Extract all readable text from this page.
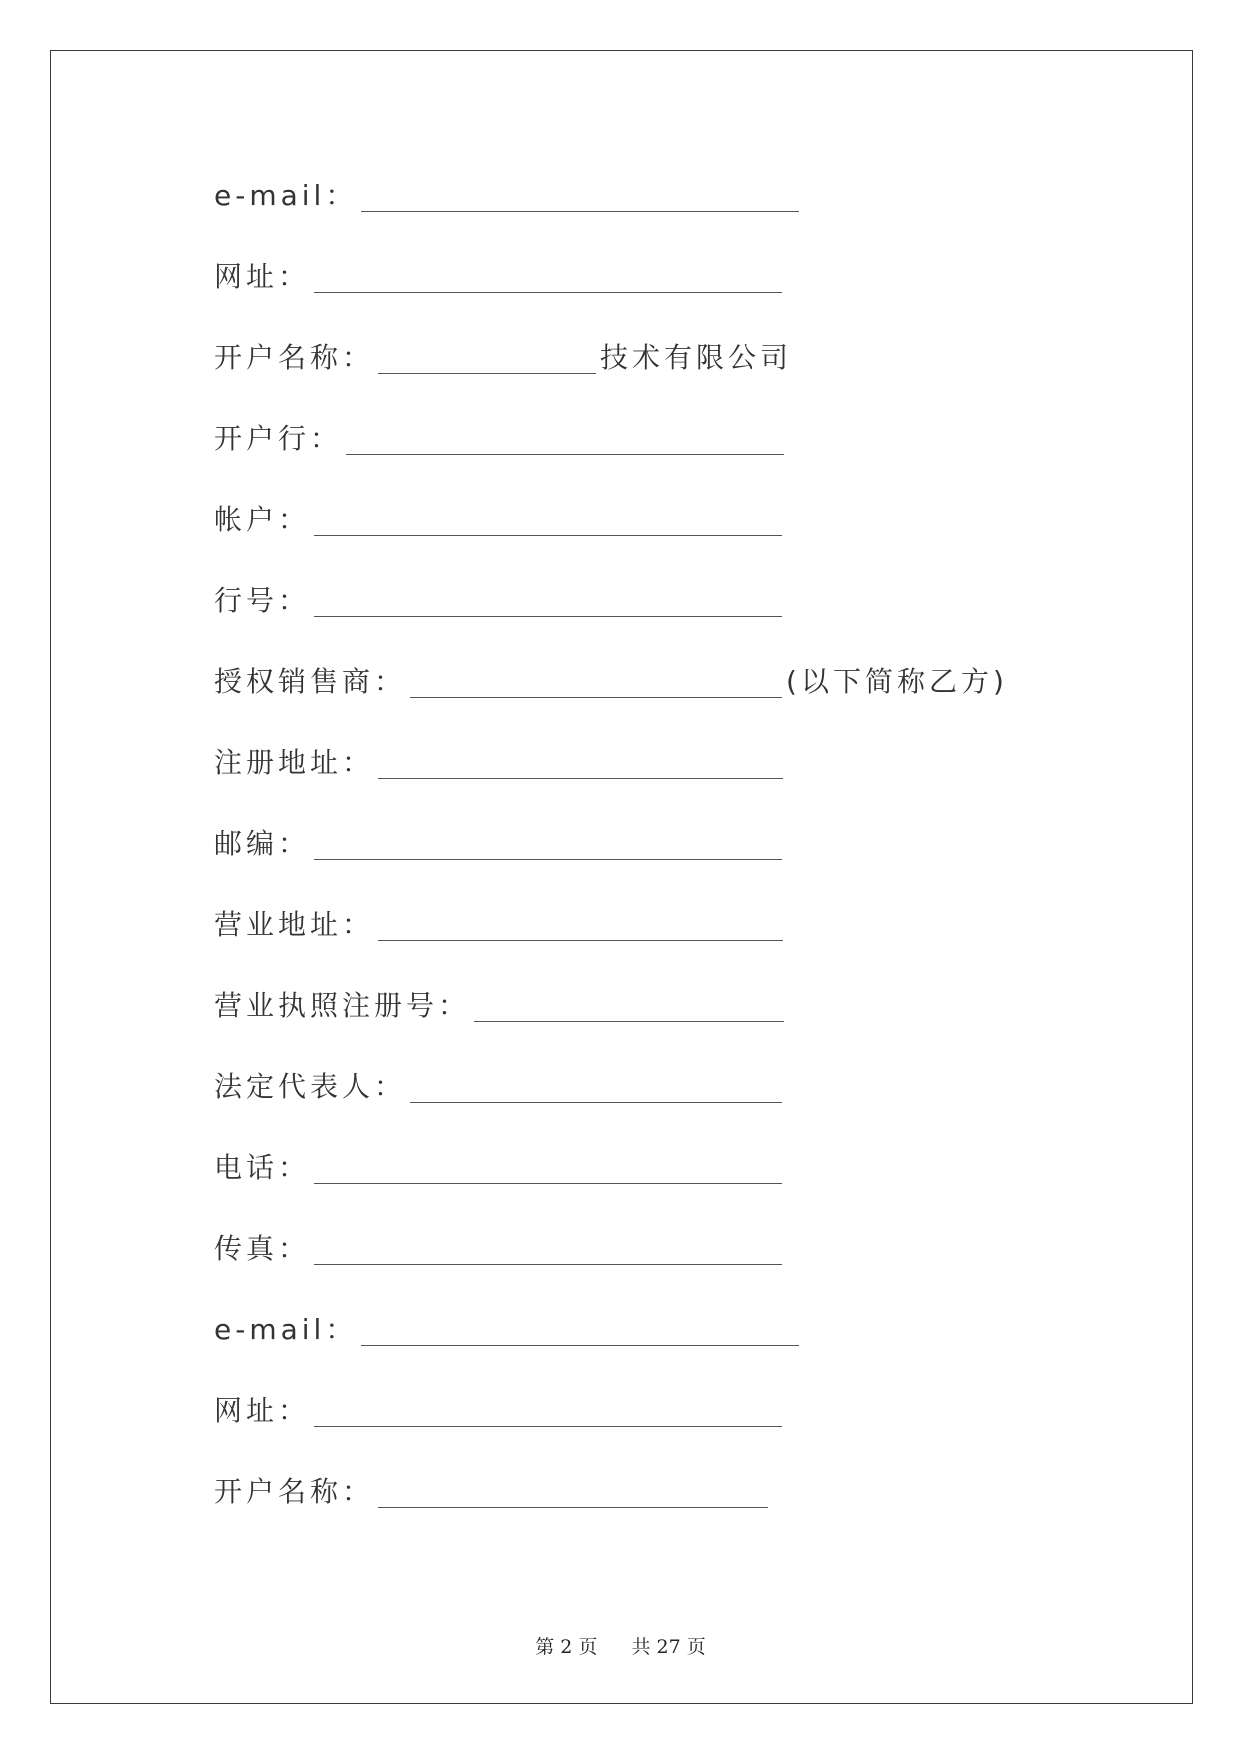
e-mail：
网址：
开户名称：	技术有限公司
开户行：
帐户：
行号：
授权销售商：	(以下简称乙方)
注册地址：
邮编：
营业地址：
营业执照注册号：
法定代表人：
电话：
传真：
e-mail：
网址：
开户名称：
第 2 页 共 27 页
